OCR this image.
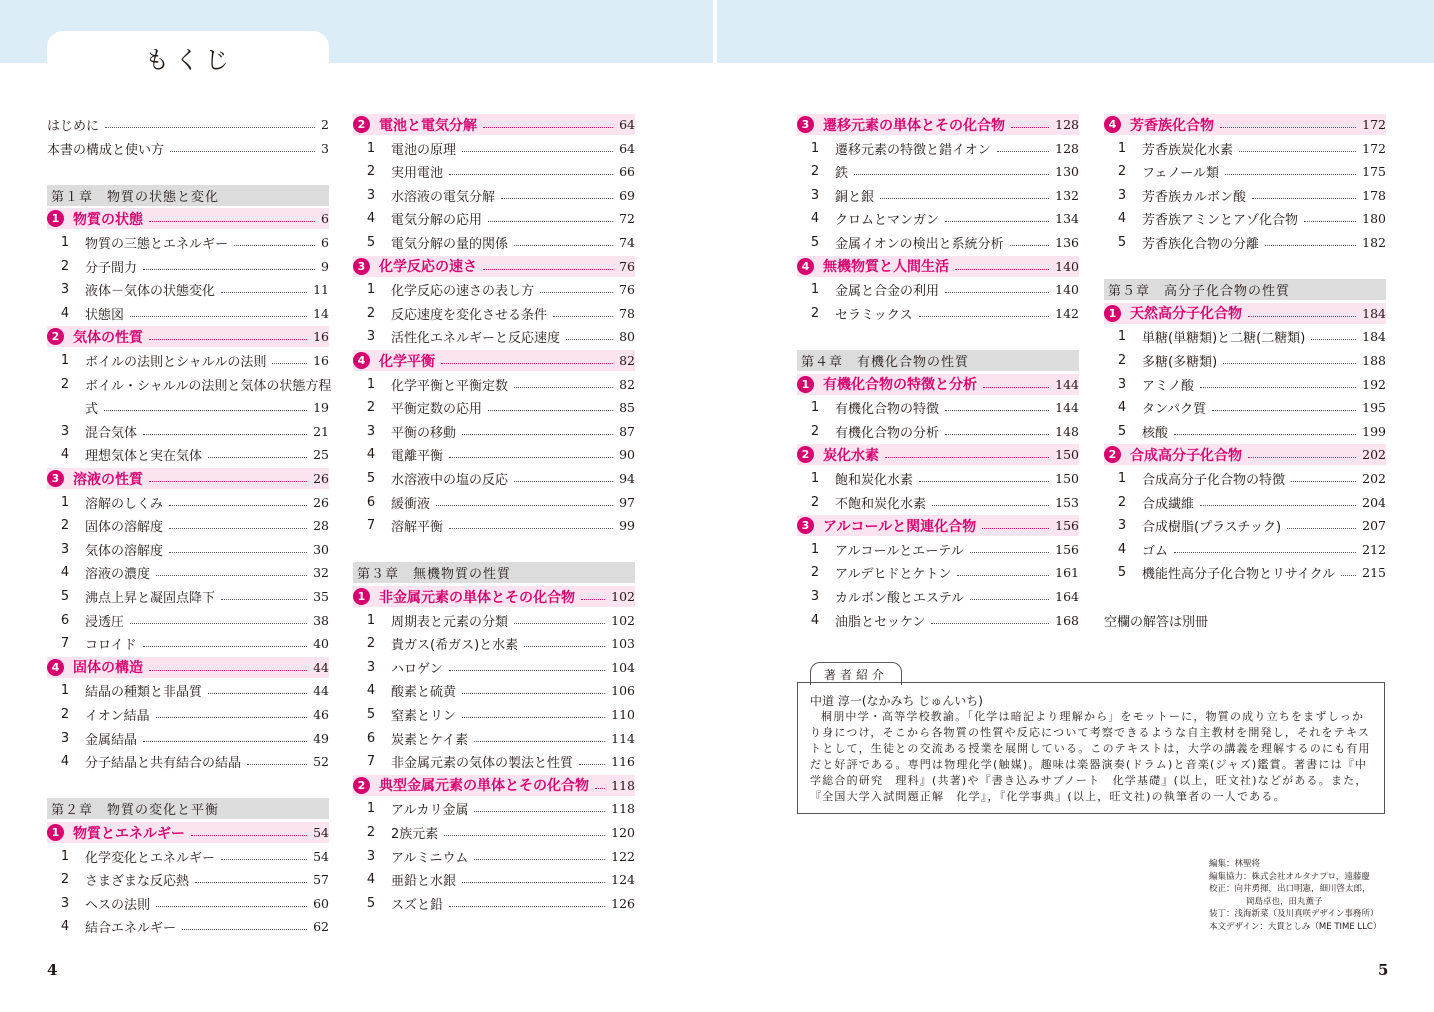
もくじ
はじめに	2
本書の構成と使い方	3
第１章　物質の状態と変化
1 物質の状態	6
1 物質の三態とエネルギー	6
2 分子間力	9
3 液体－気体の状態変化	11
4 状態図	14
2 気体の性質	16
1 ボイルの法則とシャルルの法則	16
2 ボイル・シャルルの法則と気体の状態方程
式	19
3 混合気体	21
4 理想気体と実在気体	25
3 溶液の性質	26
1 溶解のしくみ	26
2 固体の溶解度	28
3 気体の溶解度	30
4 溶液の濃度	32
5 沸点上昇と凝固点降下	35
6 浸透圧	38
7 コロイド	40
4 固体の構造	44
1 結晶の種類と非晶質	44
2 イオン結晶	46
3 金属結晶	49
4 分子結晶と共有結合の結晶	52
第２章　物質の変化と平衡
1 物質とエネルギー	54
1 化学変化とエネルギー	54
2 さまざまな反応熱	57
3 ヘスの法則	60
4 結合エネルギー	62
2 電池と電気分解	64
1 電池の原理	64
2 実用電池	66
3 水溶液の電気分解	69
4 電気分解の応用	72
5 電気分解の量的関係	74
3 化学反応の速さ	76
1 化学反応の速さの表し方	76
2 反応速度を変化させる条件	78
3 活性化エネルギーと反応速度	80
4 化学平衡	82
1 化学平衡と平衡定数	82
2 平衡定数の応用	85
3 平衡の移動	87
4 電離平衡	90
5 水溶液中の塩の反応	94
6 緩衝液	97
7 溶解平衡	99
第３章　無機物質の性質
1 非金属元素の単体とその化合物	102
1 周期表と元素の分類	102
2 貴ガス(希ガス)と水素	103
3 ハロゲン	104
4 酸素と硫黄	106
5 窒素とリン	110
6 炭素とケイ素	114
7 非金属元素の気体の製法と性質	116
2 典型金属元素の単体とその化合物 118
1 アルカリ金属	118
2 2族元素	120
3 アルミニウム	122
4 亜鉛と水銀	124
5 スズと鉛	126
3 遷移元素の単体とその化合物	128
1 遷移元素の特徴と錯イオン	128
2 鉄	130
3 銅と銀	132
4 クロムとマンガン	134
5 金属イオンの検出と系統分析	136
4 無機物質と人間生活	140
1 金属と合金の利用	140
2 セラミックス	142
第４章　有機化合物の性質
1 有機化合物の特徴と分析	144
1 有機化合物の特徴	144
2 有機化合物の分析	148
2 炭化水素	150
1 飽和炭化水素	150
2 不飽和炭化水素	153
3 アルコールと関連化合物	156
1 アルコールとエーテル	156
2 アルデヒドとケトン	161
3 カルボン酸とエステル	164
4 油脂とセッケン	168
4 芳香族化合物	172
1 芳香族炭化水素	172
2 フェノール類	175
3 芳香族カルボン酸	178
4 芳香族アミンとアゾ化合物	180
5 芳香族化合物の分離	182
第５章　高分子化合物の性質
1 天然高分子化合物	184
1 単糖(単糖類)と二糖(二糖類)	184
2 多糖(多糖類)	188
3 アミノ酸	192
4 タンパク質	195
5 核酸	199
2 合成高分子化合物	202
1 合成高分子化合物の特徴	202
2 合成繊維	204
3 合成樹脂(プラスチック)	207
4 ゴム	212
5 機能性高分子化合物とリサイクル 215
空欄の解答は別冊
著者紹介
中道 淳一(なかみち じゅんいち)
桐朋中学・高等学校教諭。「化学は暗記より理解から」をモットーに，物質の成り立ちをまずしっかり身につけ，そこから各物質の性質や反応について考察できるような自主教材を開発し，それをテキストとして，生徒との交流ある授業を展開している。このテキストは，大学の講義を理解するのにも有用だと好評である。専門は物理化学(触媒)。趣味は楽器演奏(ドラム)と音楽(ジャズ)鑑賞。著書には『中学総合的研究　理科』(共著)や『書き込みサブノート　化学基礎』(以上，旺文社)などがある。また，『全国大学入試問題正解　化学』，『化学事典』(以上，旺文社)の執筆者の一人である。
編集：林聖将
編集協力：株式会社オルタナプロ，遠藤慶
校正：向井勇揮，出口明憲，細川啓太郎，
岡島卓也，田丸薫子
装丁：浅海新菜（及川真咲デザイン事務所）
本文デザイン：大貫としみ（ME TIME LLC）
4	5
